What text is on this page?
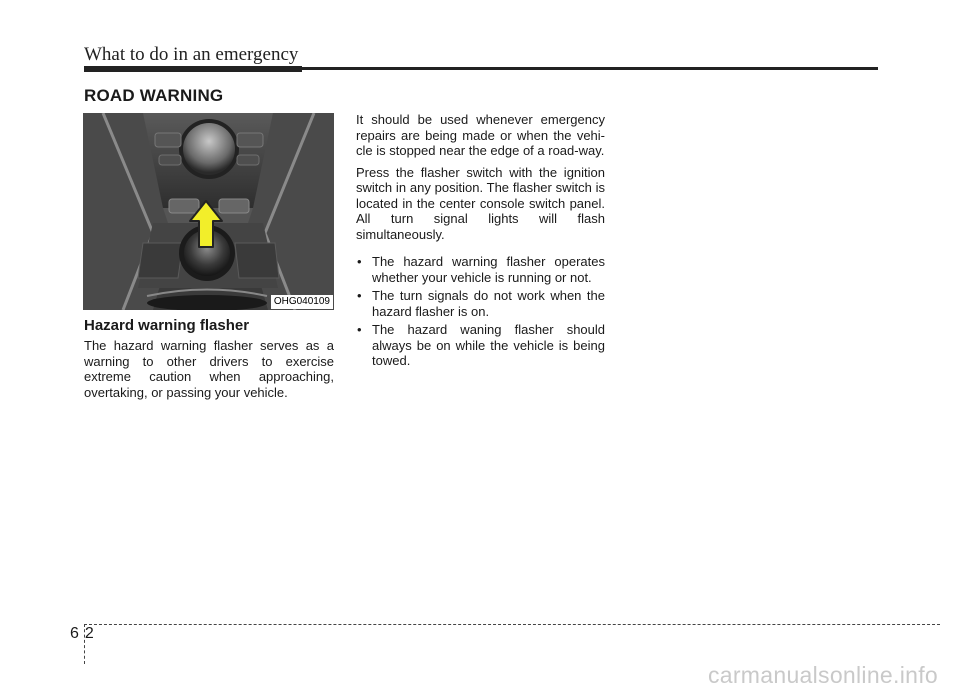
What to do in an emergency
ROAD WARNING
OHG040109
Hazard warning flasher

The hazard warning flasher serves as a warning to other drivers to exercise extreme caution when approaching, overtaking, or passing your vehicle.

It should be used whenever emergency repairs are being made or when the vehi-cle is stopped near the edge of a road-way.

Press the flasher switch with the ignition switch in any position. The flasher switch is located in the center console switch panel. All turn signal lights will flash simultaneously.

• The hazard warning flasher operates whether your vehicle is running or not.
• The turn signals do not work when the hazard flasher is on.
• The hazard waning flasher should always be on while the vehicle is being towed.
62
carmanualsonline.info
